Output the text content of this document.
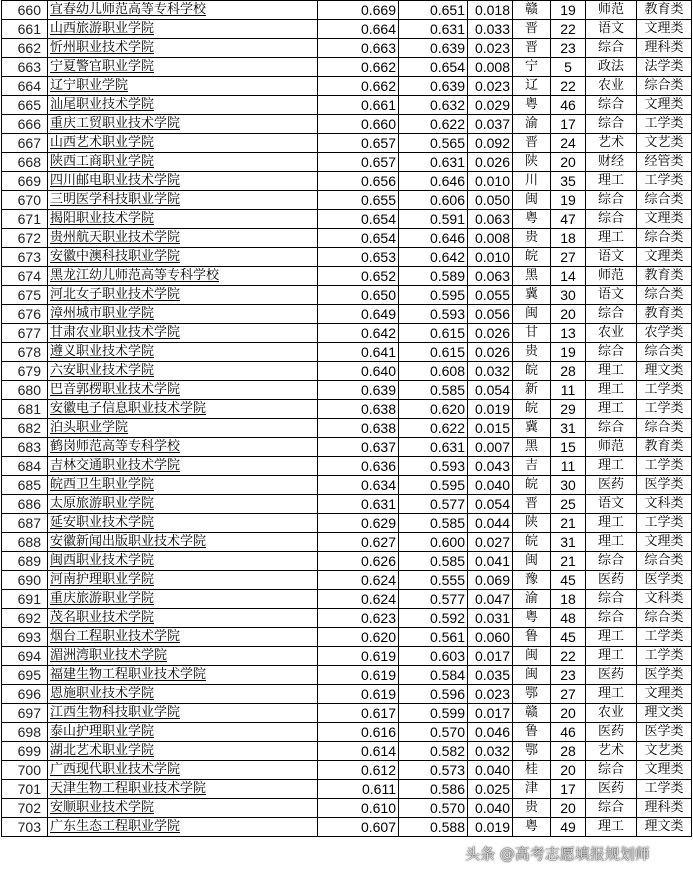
660	宜春幼儿师范高等专科学校	0.669	0.651	0.018	赣	19	师范	教育类
661	山西旅游职业学院	0.664	0.631	0.033	晋	22	语文	文理类
662	忻州职业技术学院	0.663	0.639	0.023	晋	23	综合	理科类
663	宁夏警官职业学院	0.662	0.654	0.008	宁	5	政法	法学类
664	辽宁职业学院	0.662	0.639	0.023	辽	22	农业	综合类
665	汕尾职业技术学院	0.661	0.632	0.029	粤	46	综合	文理类
666	重庆工贸职业技术学院	0.660	0.622	0.037	渝	17	综合	工学类
667	山西艺术职业学院	0.657	0.565	0.092	晋	24	艺术	文艺类
668	陕西工商职业学院	0.657	0.631	0.026	陕	20	财经	经管类
669	四川邮电职业技术学院	0.656	0.646	0.010	川	35	理工	工学类
670	三明医学科技职业学院	0.655	0.606	0.050	闽	19	综合	综合类
671	揭阳职业技术学院	0.654	0.591	0.063	粤	47	综合	文理类
672	贵州航天职业技术学院	0.654	0.646	0.008	贵	18	理工	综合类
673	安徽中澳科技职业学院	0.653	0.642	0.010	皖	27	语文	文理类
674	黑龙江幼儿师范高等专科学校	0.652	0.589	0.063	黑	14	师范	教育类
675	河北女子职业技术学院	0.650	0.595	0.055	冀	30	语文	综合类
676	漳州城市职业学院	0.649	0.593	0.056	闽	20	综合	教育类
677	甘肃农业职业技术学院	0.642	0.615	0.026	甘	13	农业	农学类
678	遵义职业技术学院	0.641	0.615	0.026	贵	19	综合	综合类
679	六安职业技术学院	0.640	0.608	0.032	皖	28	理工	理文类
680	巴音郭楞职业技术学院	0.639	0.585	0.054	新	11	理工	工学类
681	安徽电子信息职业技术学院	0.638	0.620	0.019	皖	29	理工	工学类
682	泊头职业学院	0.638	0.622	0.015	冀	31	综合	综合类
683	鹤岗师范高等专科学校	0.637	0.631	0.007	黑	15	师范	教育类
684	吉林交通职业技术学院	0.636	0.593	0.043	吉	11	理工	工学类
685	皖西卫生职业学院	0.634	0.595	0.040	皖	30	医药	医学类
686	太原旅游职业学院	0.631	0.577	0.054	晋	25	语文	文科类
687	延安职业技术学院	0.629	0.585	0.044	陕	21	理工	工学类
688	安徽新闻出版职业技术学院	0.627	0.600	0.027	皖	31	理工	文理类
689	闽西职业技术学院	0.626	0.585	0.041	闽	21	综合	综合类
690	河南护理职业学院	0.624	0.555	0.069	豫	45	医药	医学类
691	重庆旅游职业学院	0.624	0.577	0.047	渝	18	综合	文科类
692	茂名职业技术学院	0.623	0.592	0.031	粤	48	综合	综合类
693	烟台工程职业技术学院	0.620	0.561	0.060	鲁	45	理工	工学类
694	湄洲湾职业技术学院	0.619	0.603	0.017	闽	22	理工	工学类
695	福建生物工程职业技术学院	0.619	0.584	0.035	闽	23	医药	医学类
696	恩施职业技术学院	0.619	0.596	0.023	鄂	27	理工	文理类
697	江西生物科技职业学院	0.617	0.599	0.017	赣	20	农业	理文类
698	泰山护理职业学院	0.616	0.570	0.046	鲁	46	医药	医学类
699	湖北艺术职业学院	0.614	0.582	0.032	鄂	28	艺术	文艺类
700	广西现代职业技术学院	0.612	0.573	0.040	桂	20	综合	文理类
701	天津生物工程职业技术学院	0.611	0.586	0.025	津	17	医药	工学类
702	安顺职业技术学院	0.610	0.570	0.040	贵	20	综合	理科类
703	广东生态工程职业学院	0.607	0.588	0.019	粤	49	理工	理文类
头条 @高考志愿填报规划师
